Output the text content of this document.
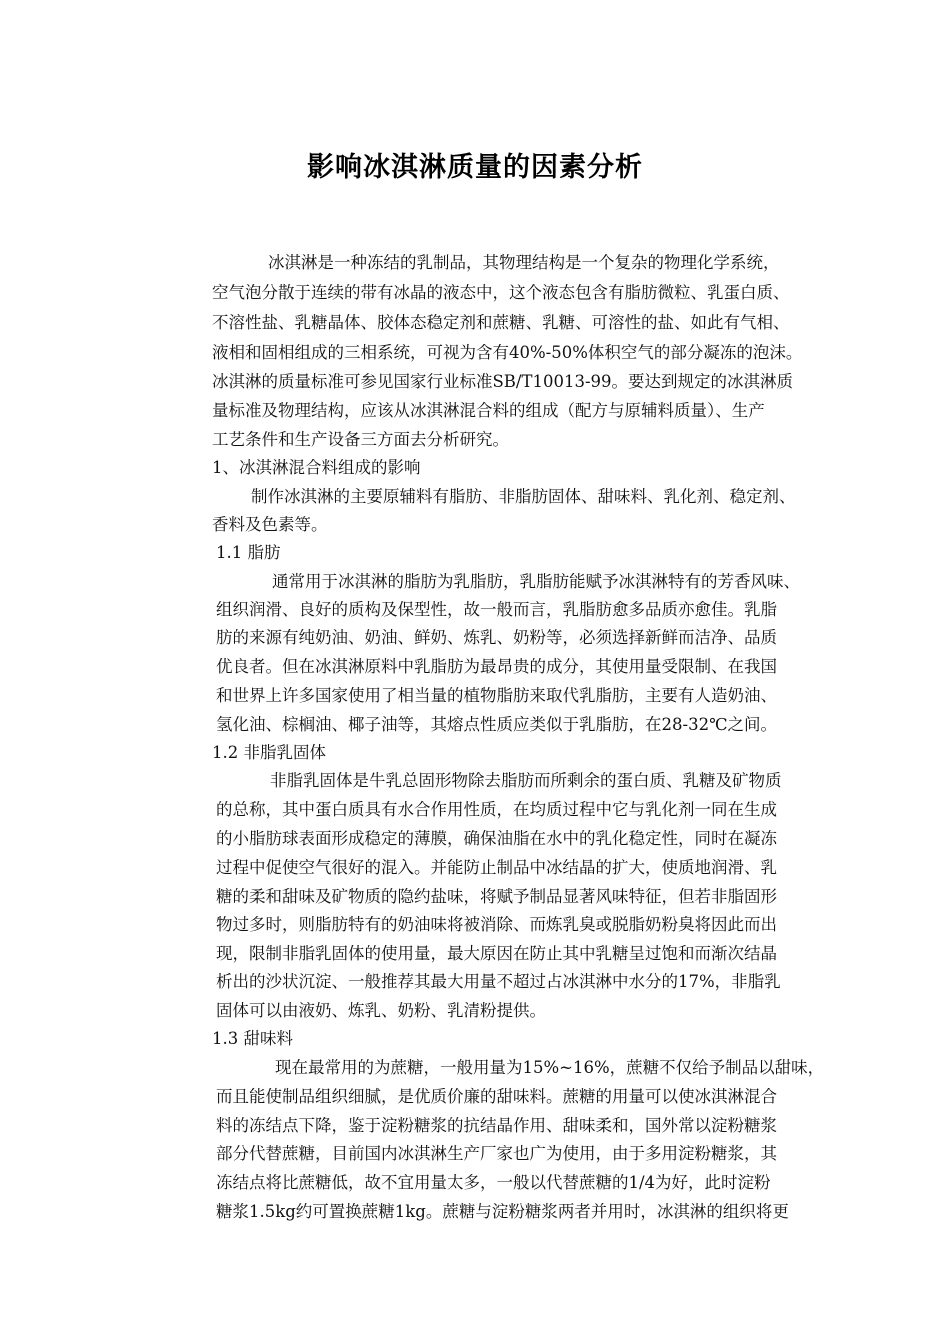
影响冰淇淋质量的因素分析
冰淇淋是一种冻结的乳制品，其物理结构是一个复杂的物理化学系统，
空气泡分散于连续的带有冰晶的液态中，这个液态包含有脂肪微粒、乳蛋白质、
不溶性盐、乳糖晶体、胶体态稳定剂和蔗糖、乳糖、可溶性的盐、如此有气相、
液相和固相组成的三相系统，可视为含有40%-50%体积空气的部分凝冻的泡沫。
冰淇淋的质量标准可参见国家行业标准SB/T10013-99。要达到规定的冰淇淋质
量标准及物理结构，应该从冰淇淋混合料的组成（配方与原辅料质量）、生产
工艺条件和生产设备三方面去分析研究。
1、冰淇淋混合料组成的影响
制作冰淇淋的主要原辅料有脂肪、非脂肪固体、甜味料、乳化剂、稳定剂、
香料及色素等。
1.1 脂肪
通常用于冰淇淋的脂肪为乳脂肪，乳脂肪能赋予冰淇淋特有的芳香风味、
组织润滑、良好的质构及保型性，故一般而言，乳脂肪愈多品质亦愈佳。乳脂
肪的来源有纯奶油、奶油、鲜奶、炼乳、奶粉等，必须选择新鲜而洁净、品质
优良者。但在冰淇淋原料中乳脂肪为最昂贵的成分，其使用量受限制、在我国
和世界上许多国家使用了相当量的植物脂肪来取代乳脂肪，主要有人造奶油、
氢化油、棕榈油、椰子油等，其熔点性质应类似于乳脂肪，在28-32℃之间。
1.2 非脂乳固体
非脂乳固体是牛乳总固形物除去脂肪而所剩余的蛋白质、乳糖及矿物质
的总称，其中蛋白质具有水合作用性质，在均质过程中它与乳化剂一同在生成
的小脂肪球表面形成稳定的薄膜，确保油脂在水中的乳化稳定性，同时在凝冻
过程中促使空气很好的混入。并能防止制品中冰结晶的扩大，使质地润滑、乳
糖的柔和甜味及矿物质的隐约盐味，将赋予制品显著风味特征，但若非脂固形
物过多时，则脂肪特有的奶油味将被消除、而炼乳臭或脱脂奶粉臭将因此而出
现，限制非脂乳固体的使用量，最大原因在防止其中乳糖呈过饱和而渐次结晶
析出的沙状沉淀、一般推荐其最大用量不超过占冰淇淋中水分的17%，非脂乳
固体可以由液奶、炼乳、奶粉、乳清粉提供。
1.3 甜味料
现在最常用的为蔗糖，一般用量为15%~16%，蔗糖不仅给予制品以甜味，
而且能使制品组织细腻，是优质价廉的甜味料。蔗糖的用量可以使冰淇淋混合
料的冻结点下降，鉴于淀粉糖浆的抗结晶作用、甜味柔和，国外常以淀粉糖浆
部分代替蔗糖，目前国内冰淇淋生产厂家也广为使用，由于多用淀粉糖浆，其
冻结点将比蔗糖低，故不宜用量太多，一般以代替蔗糖的1/4为好，此时淀粉
糖浆1.5kg约可置换蔗糖1kg。蔗糖与淀粉糖浆两者并用时，冰淇淋的组织将更
